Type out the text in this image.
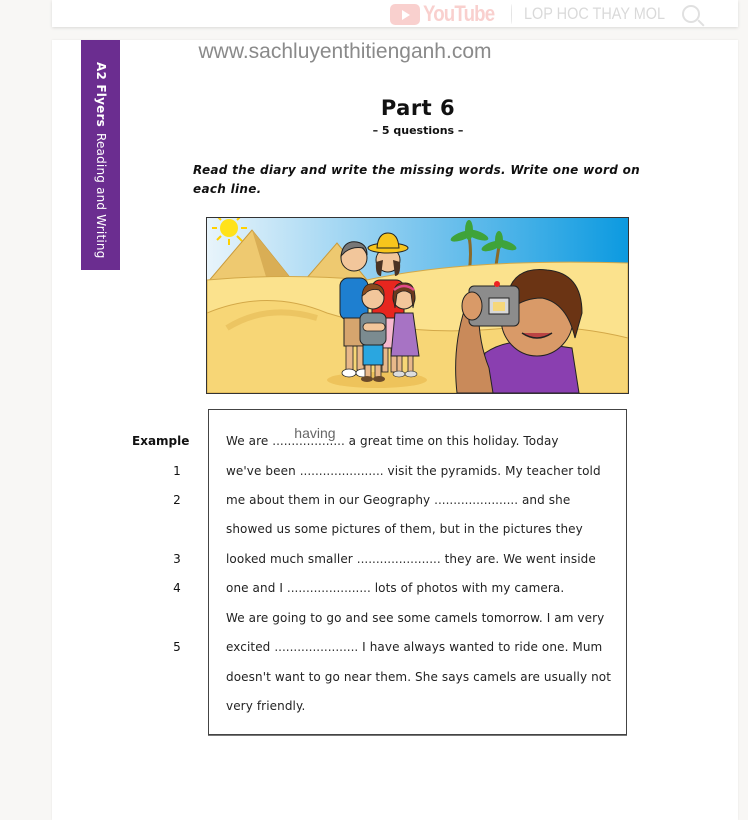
YouTube LOP HOC THAY MOL
A2 FlyersReading and Writing
www.sachluyenthitienganh.com
Part 6
– 5 questions –
Read the diary and write the missing words. Write one word on each line.
Example	We are .............
having
...... a great time on this holiday. Today
1	we've been ...................... visit the pyramids. My teacher told
2	me about them in our Geography ...................... and she
showed us some pictures of them, but in the pictures they
3	looked much smaller ...................... they are. We went inside
4	one and I ...................... lots of photos with my camera.
We are going to go and see some camels tomorrow. I am very
5	excited ...................... I have always wanted to ride one. Mum
doesn't want to go near them. She says camels are usually not
very friendly.
